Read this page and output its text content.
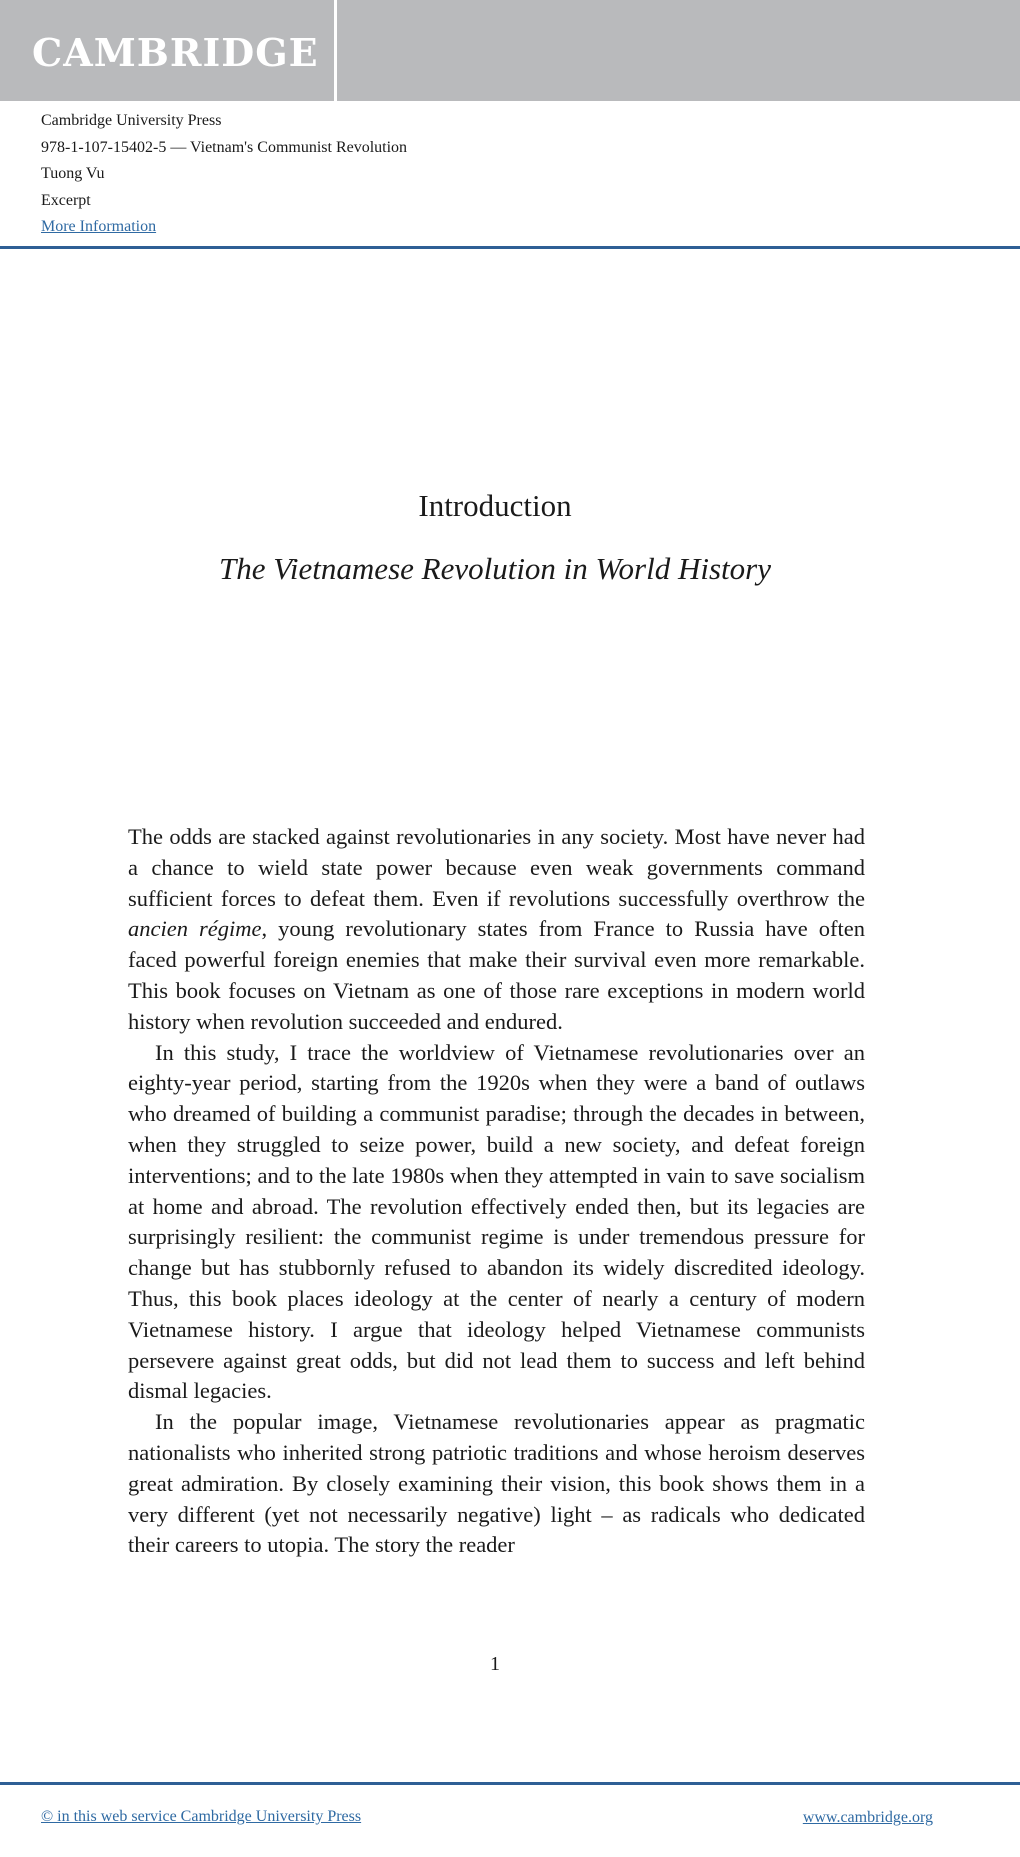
CAMBRIDGE
Cambridge University Press
978-1-107-15402-5 — Vietnam's Communist Revolution
Tuong Vu
Excerpt
More Information
Introduction
The Vietnamese Revolution in World History

The odds are stacked against revolutionaries in any society. Most have never had a chance to wield state power because even weak governments command sufficient forces to defeat them. Even if revolutions successfully overthrow the ancien régime, young revolutionary states from France to Russia have often faced powerful foreign enemies that make their survival even more remarkable. This book focuses on Vietnam as one of those rare exceptions in modern world history when revolution succeeded and endured.

In this study, I trace the worldview of Vietnamese revolutionaries over an eighty-year period, starting from the 1920s when they were a band of outlaws who dreamed of building a communist paradise; through the decades in between, when they struggled to seize power, build a new society, and defeat foreign interventions; and to the late 1980s when they attempted in vain to save socialism at home and abroad. The revolution effectively ended then, but its legacies are surprisingly resilient: the communist regime is under tremendous pressure for change but has stubbornly refused to abandon its widely discredited ideology. Thus, this book places ideology at the center of nearly a century of modern Vietnamese history. I argue that ideology helped Vietnamese communists persevere against great odds, but did not lead them to success and left behind dismal legacies.

In the popular image, Vietnamese revolutionaries appear as pragmatic nationalists who inherited strong patriotic traditions and whose heroism deserves great admiration. By closely examining their vision, this book shows them in a very different (yet not necessarily negative) light – as radicals who dedicated their careers to utopia. The story the reader

1
© in this web service Cambridge University Press	www.cambridge.org
